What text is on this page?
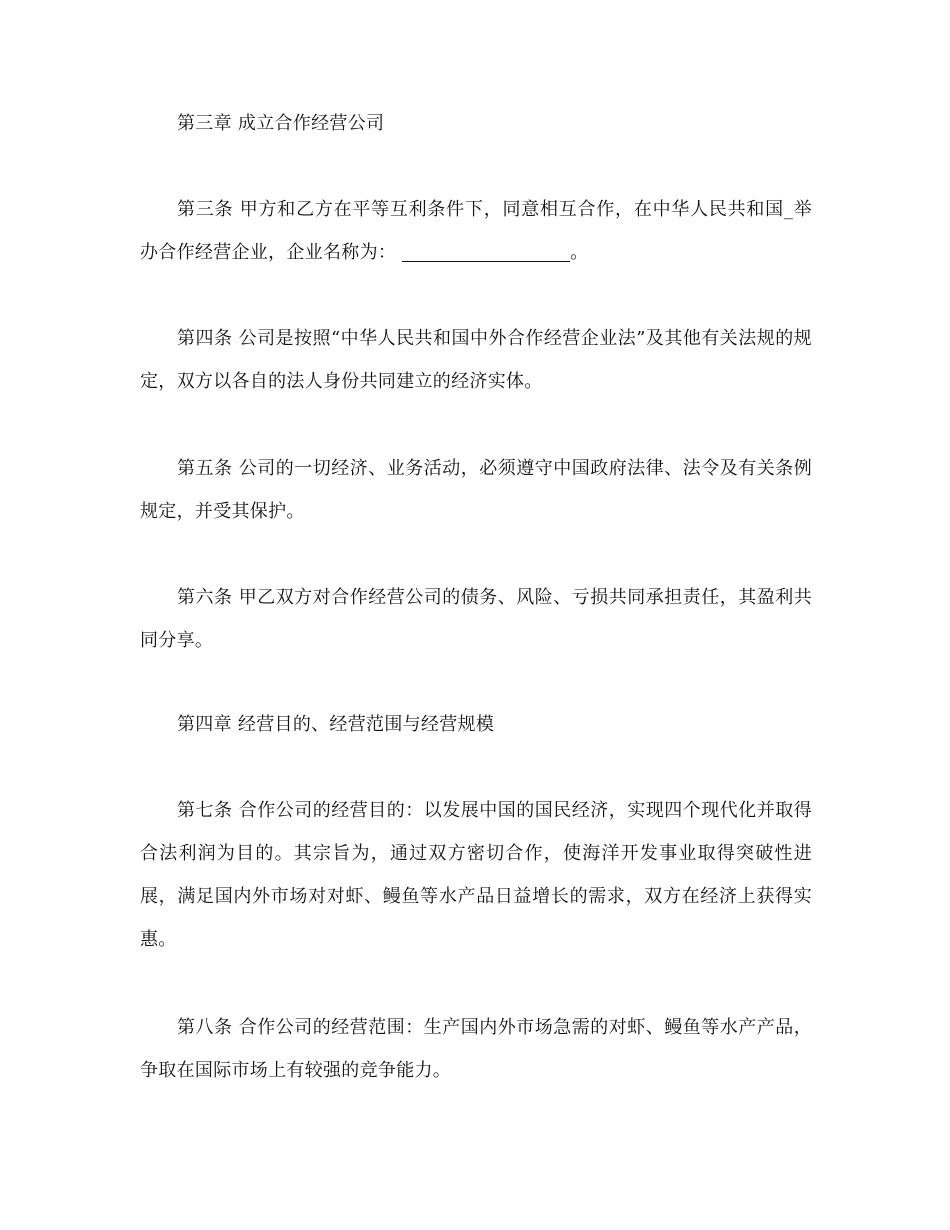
第三章 成立合作经营公司

第三条 甲方和乙方在平等互利条件下，同意相互合作，在中华人民共和国_举办合作经营企业，企业名称为：	。

第四条 公司是按照“中华人民共和国中外合作经营企业法”及其他有关法规的规定，双方以各自的法人身份共同建立的经济实体。

第五条 公司的一切经济、业务活动，必须遵守中国政府法律、法令及有关条例规定，并受其保护。

第六条 甲乙双方对合作经营公司的债务、风险、亏损共同承担责任，其盈利共同分享。

第四章 经营目的、经营范围与经营规模

第七条 合作公司的经营目的：以发展中国的国民经济，实现四个现代化并取得合法利润为目的。其宗旨为，通过双方密切合作，使海洋开发事业取得突破性进展，满足国内外市场对对虾、鳗鱼等水产品日益增长的需求，双方在经济上获得实惠。

第八条 合作公司的经营范围：生产国内外市场急需的对虾、鳗鱼等水产产品，争取在国际市场上有较强的竞争能力。
